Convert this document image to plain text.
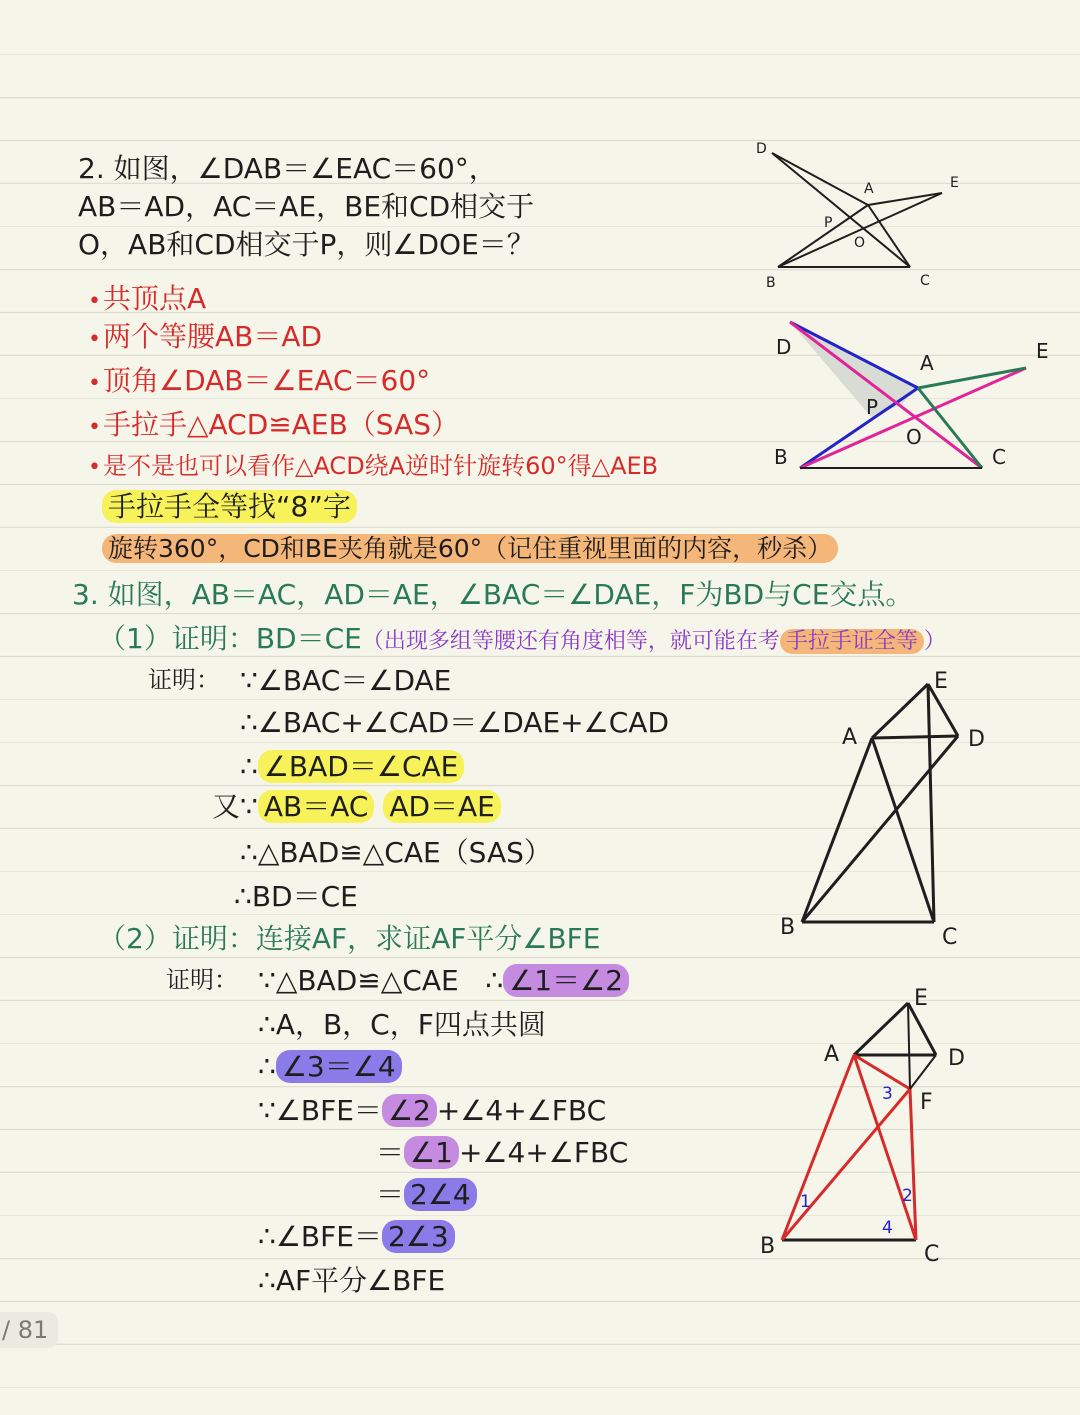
2. 如图，∠DAB＝∠EAC＝60°，
AB＝AD，AC＝AE，BE和CD相交于
O，AB和CD相交于P，则∠DOE＝？
•共顶点A
•两个等腰AB＝AD
•顶角∠DAB＝∠EAC＝60°
•手拉手△ACD≌AEB（SAS）
•是不是也可以看作△ACD绕A逆时针旋转60°得△AEB
手拉手全等找“8”字
旋转360°，CD和BE夹角就是60°（记住重视里面的内容，秒杀）
3. 如图，AB＝AC，AD＝AE，∠BAC＝∠DAE，F为BD与CE交点。
（1）证明：BD＝CE（出现多组等腰还有角度相等，就可能在考 手拉手证全等 ）
证明： ∵∠BAC＝∠DAE
∴∠BAC+∠CAD＝∠DAE+∠CAD
∴ ∠BAD＝∠CAE
又∵ AB＝AC AD＝AE
∴△BAD≌△CAE（SAS）
∴BD＝CE
（2）证明：连接AF，求证AF平分∠BFE
证明： ∵△BAD≌△CAE ∴ ∠1＝∠2
∴A，B，C，F四点共圆
∴ ∠3＝∠4
∵∠BFE＝ ∠2 +∠4+∠FBC
＝ ∠1 +∠4+∠FBC
＝ 2∠4
∴∠BFE＝ 2∠3
∴AF平分∠BFE
D
A	E
P
O
B	C
D
A	E
P
O
B	C
E
A	D
B	C
E
A	D
F
B	C
1	2
3
4
/ 81
